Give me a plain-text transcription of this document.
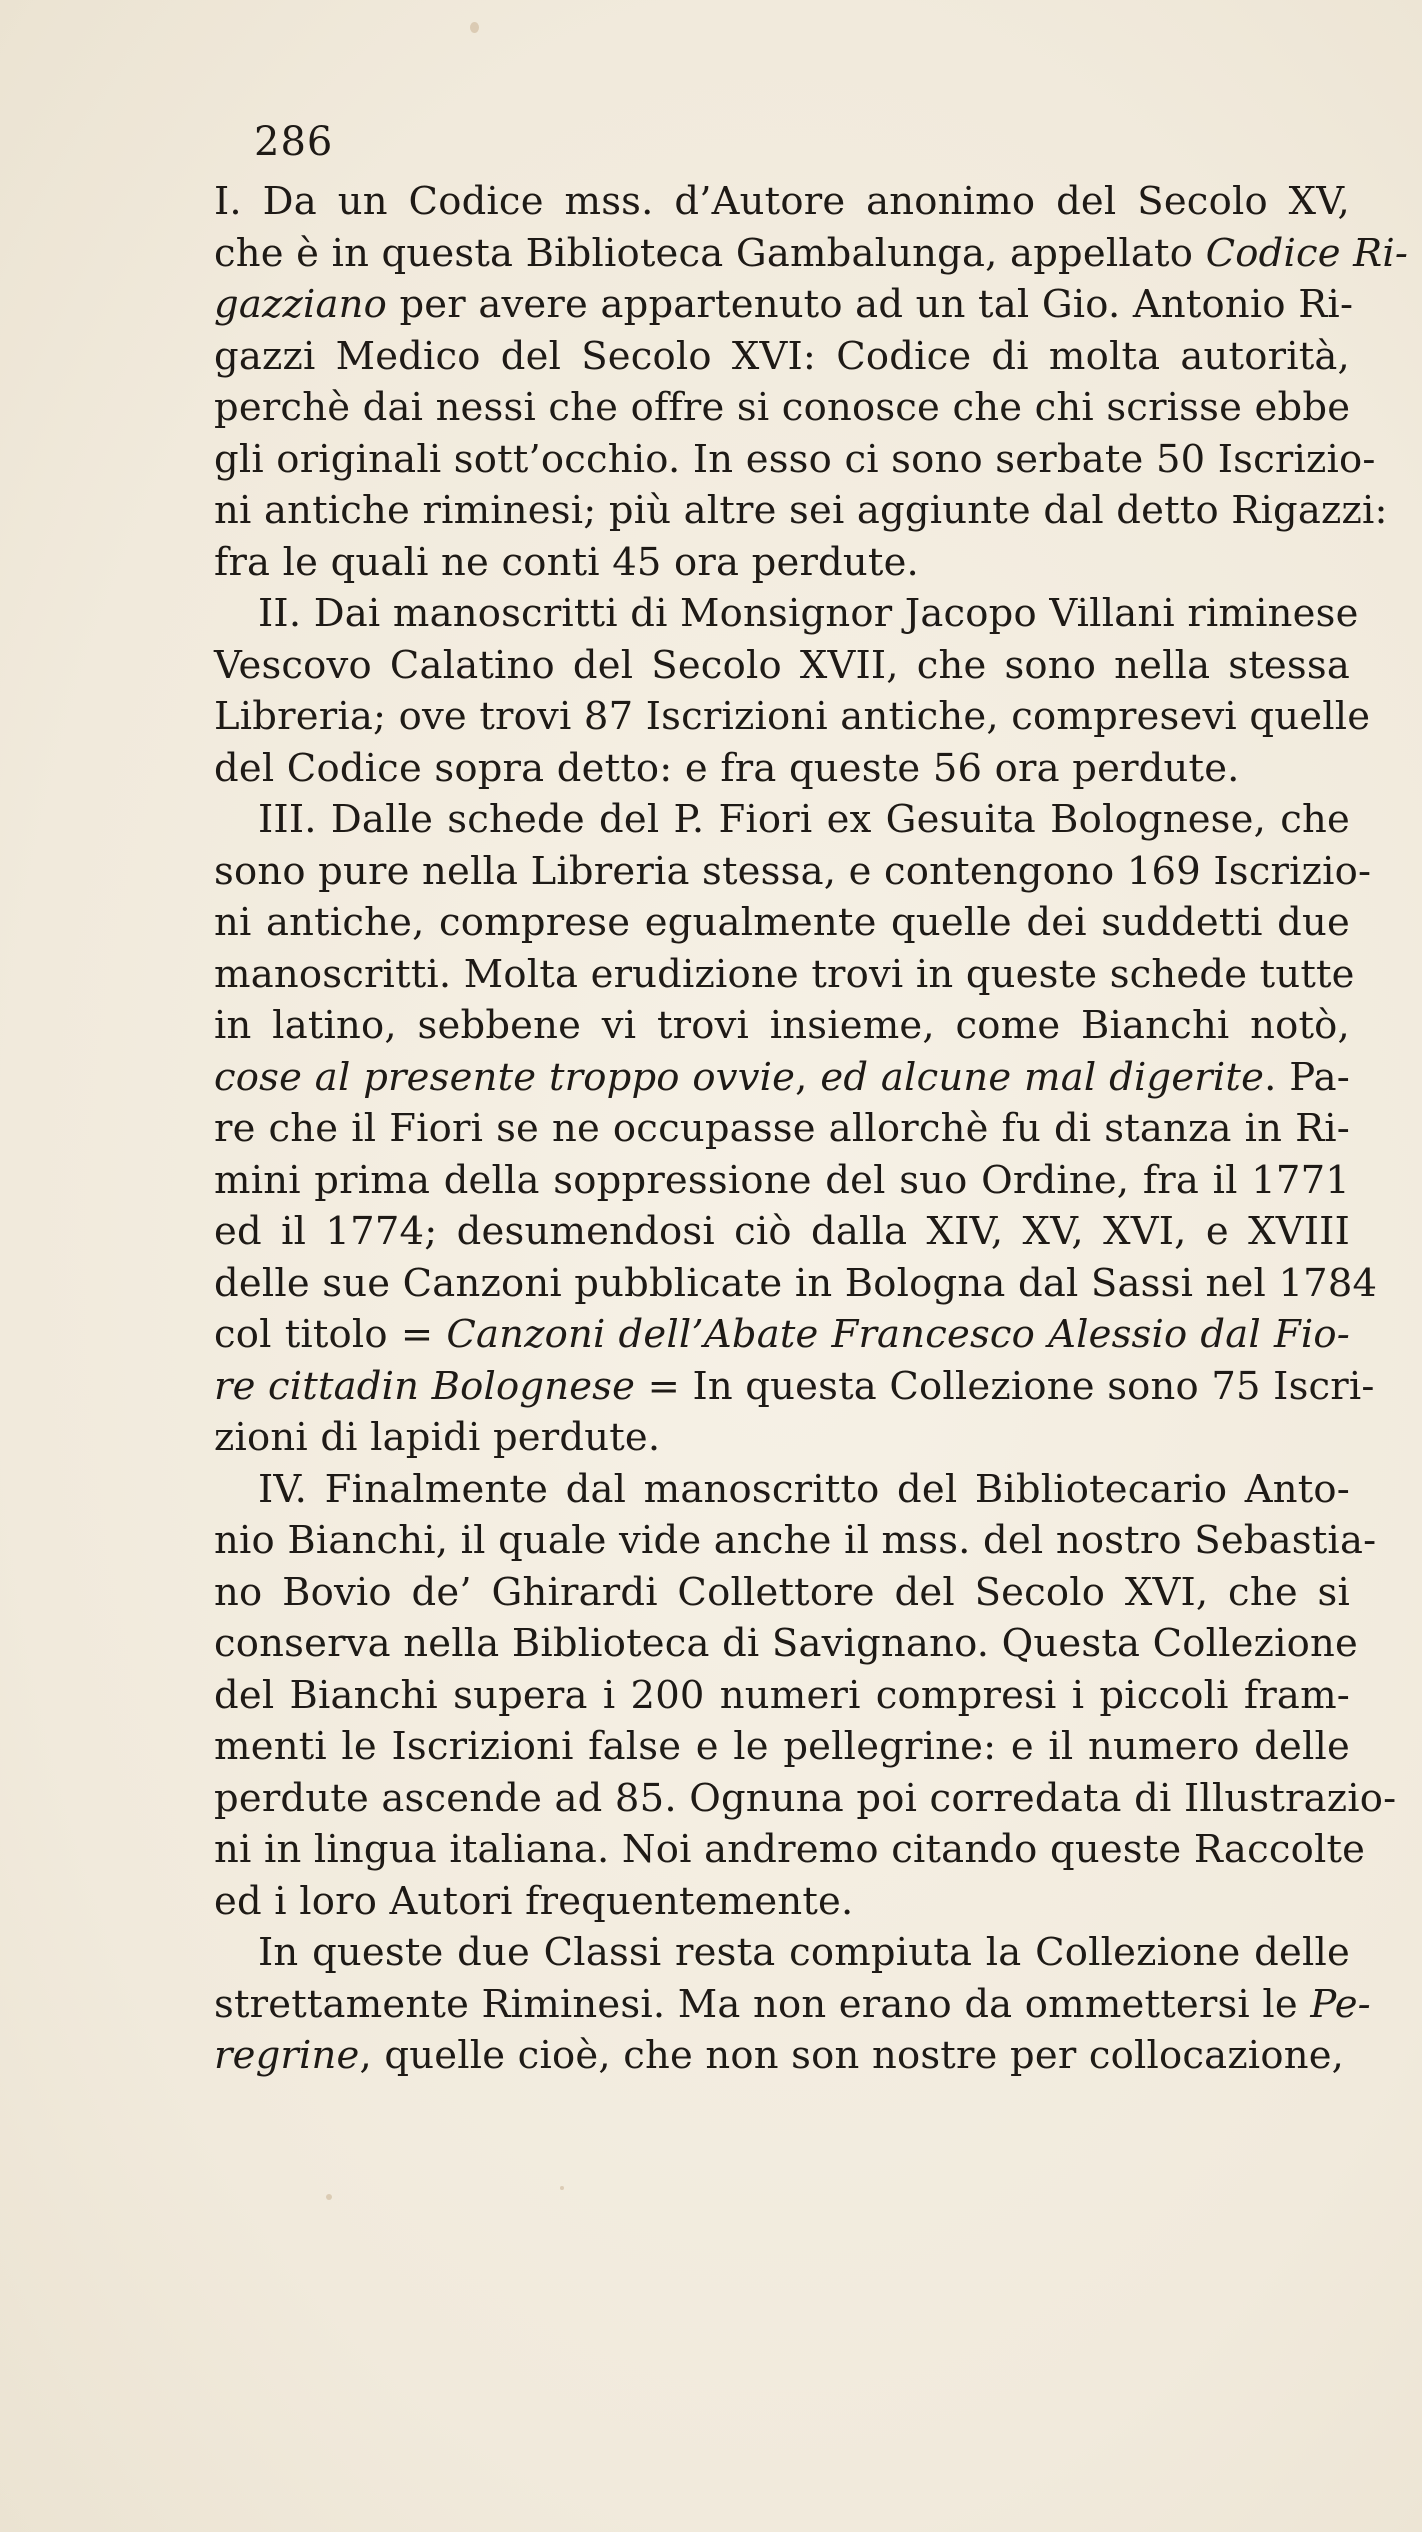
286
I. Da un Codice mss. d’Autore anonimo del Secolo XV,
che è in questa Biblioteca Gambalunga, appellato Codice Ri-
gazziano per avere appartenuto ad un tal Gio. Antonio Ri-
gazzi Medico del Secolo XVI: Codice di molta autorità,
perchè dai nessi che offre si conosce che chi scrisse ebbe
gli originali sott’occhio. In esso ci sono serbate 50 Iscrizio-
ni antiche riminesi; più altre sei aggiunte dal detto Rigazzi:
fra le quali ne conti 45 ora perdute.
II. Dai manoscritti di Monsignor Jacopo Villani riminese
Vescovo Calatino del Secolo XVII, che sono nella stessa
Libreria; ove trovi 87 Iscrizioni antiche, compresevi quelle
del Codice sopra detto: e fra queste 56 ora perdute.
III. Dalle schede del P. Fiori ex Gesuita Bolognese, che
sono pure nella Libreria stessa, e contengono 169 Iscrizio-
ni antiche, comprese egualmente quelle dei suddetti due
manoscritti. Molta erudizione trovi in queste schede tutte
in latino, sebbene vi trovi insieme, come Bianchi notò,
cose al presente troppo ovvie, ed alcune mal digerite. Pa-
re che il Fiori se ne occupasse allorchè fu di stanza in Ri-
mini prima della soppressione del suo Ordine, fra il 1771
ed il 1774; desumendosi ciò dalla XIV, XV, XVI, e XVIII
delle sue Canzoni pubblicate in Bologna dal Sassi nel 1784
col titolo = Canzoni dell’Abate Francesco Alessio dal Fio-
re cittadin Bolognese = In questa Collezione sono 75 Iscri-
zioni di lapidi perdute.
IV. Finalmente dal manoscritto del Bibliotecario Anto-
nio Bianchi, il quale vide anche il mss. del nostro Sebastia-
no Bovio de’ Ghirardi Collettore del Secolo XVI, che si
conserva nella Biblioteca di Savignano. Questa Collezione
del Bianchi supera i 200 numeri compresi i piccoli fram-
menti le Iscrizioni false e le pellegrine: e il numero delle
perdute ascende ad 85. Ognuna poi corredata di Illustrazio-
ni in lingua italiana. Noi andremo citando queste Raccolte
ed i loro Autori frequentemente.
In queste due Classi resta compiuta la Collezione delle
strettamente Riminesi. Ma non erano da ommettersi le Pe-
regrine, quelle cioè, che non son nostre per collocazione,
